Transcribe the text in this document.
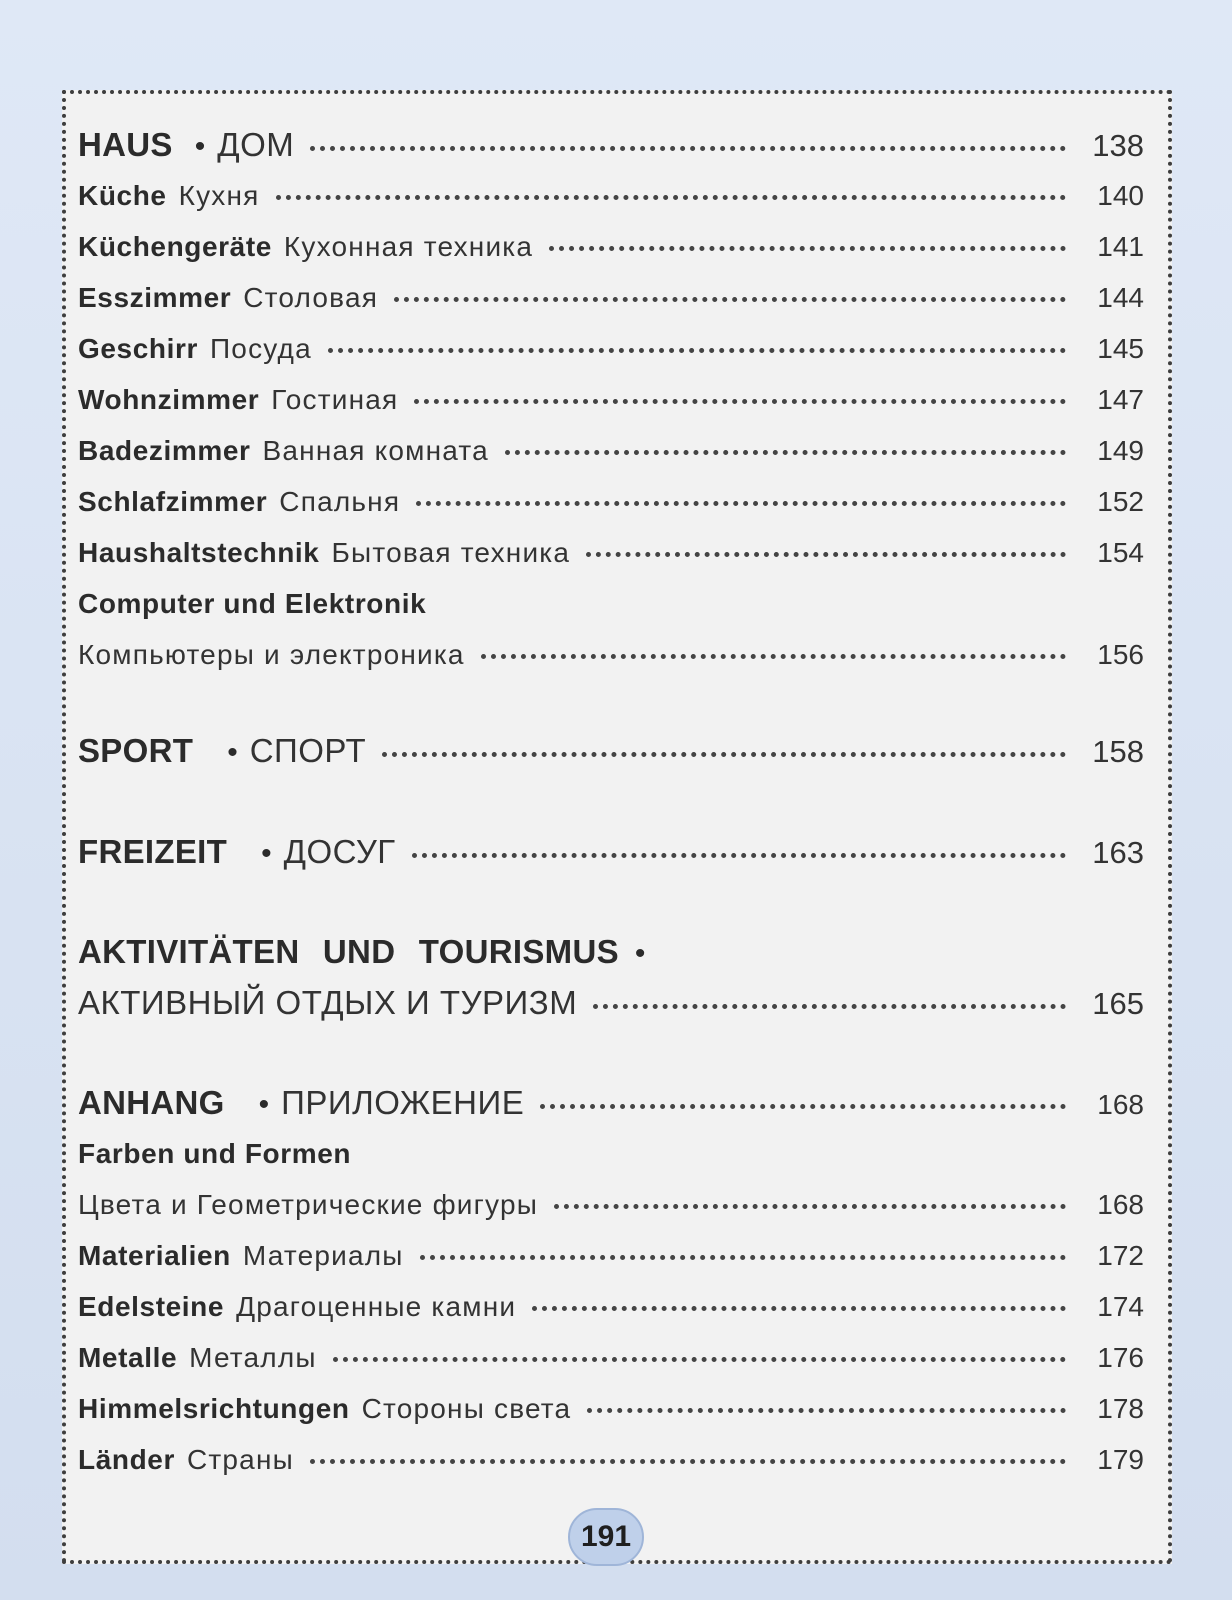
HAUS • ДОМ	138
Küche Кухня	140
Küchengeräte Кухонная техника	141
Esszimmer Столовая	144
Geschirr Посуда	145
Wohnzimmer Гостиная	147
Badezimmer Ванная комната	149
Schlafzimmer Спальня	152
Haushaltstechnik Бытовая техника	154
Computer und Elektronik
Компьютеры и электроника	156
SPORT • СПОРТ	158
FREIZEIT • ДОСУГ	163
AKTIVITÄTEN UND TOURISMUS •
АКТИВНЫЙ ОТДЫХ И ТУРИЗМ	165
ANHANG • ПРИЛОЖЕНИЕ	168
Farben und Formen
Цвета и Геометрические фигуры	168
Materialien Материалы	172
Edelsteine Драгоценные камни	174
Metalle Металлы	176
Himmelsrichtungen Стороны света	178
Länder Страны	179
191
